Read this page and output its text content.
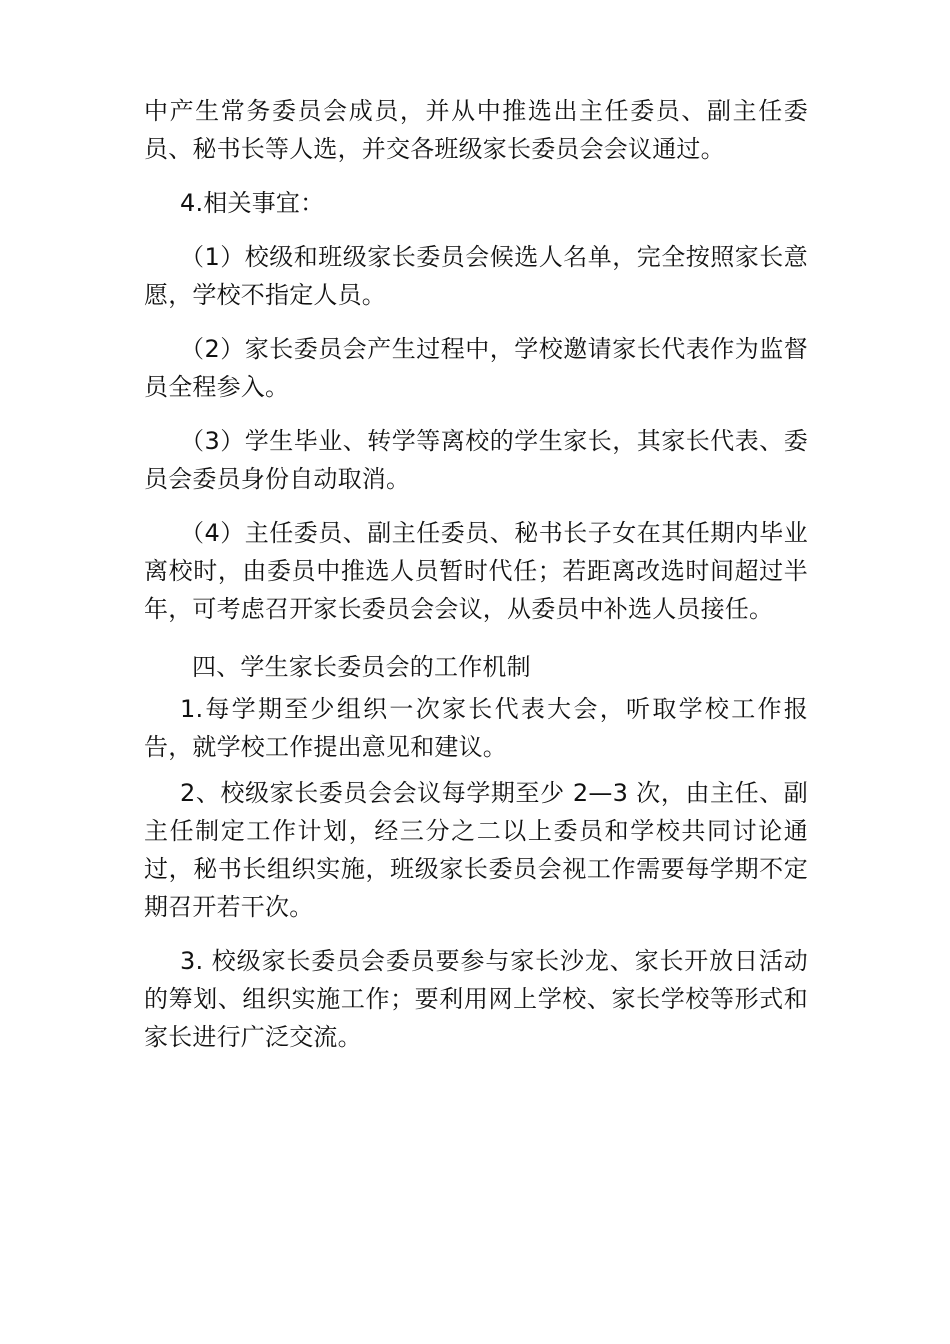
中产生常务委员会成员，并从中推选出主任委员、副主任委员、秘书长等人选，并交各班级家长委员会会议通过。

4.相关事宜：

（1）校级和班级家长委员会候选人名单，完全按照家长意愿，学校不指定人员。

（2）家长委员会产生过程中，学校邀请家长代表作为监督员全程参入。

（3）学生毕业、转学等离校的学生家长，其家长代表、委员会委员身份自动取消。

（4）主任委员、副主任委员、秘书长子女在其任期内毕业离校时，由委员中推选人员暂时代任；若距离改选时间超过半年，可考虑召开家长委员会会议，从委员中补选人员接任。

四、学生家长委员会的工作机制

1.每学期至少组织一次家长代表大会，听取学校工作报告，就学校工作提出意见和建议。

2、校级家长委员会会议每学期至少 2—3 次，由主任、副主任制定工作计划，经三分之二以上委员和学校共同讨论通过，秘书长组织实施，班级家长委员会视工作需要每学期不定期召开若干次。

3. 校级家长委员会委员要参与家长沙龙、家长开放日活动的筹划、组织实施工作；要利用网上学校、家长学校等形式和家长进行广泛交流。
